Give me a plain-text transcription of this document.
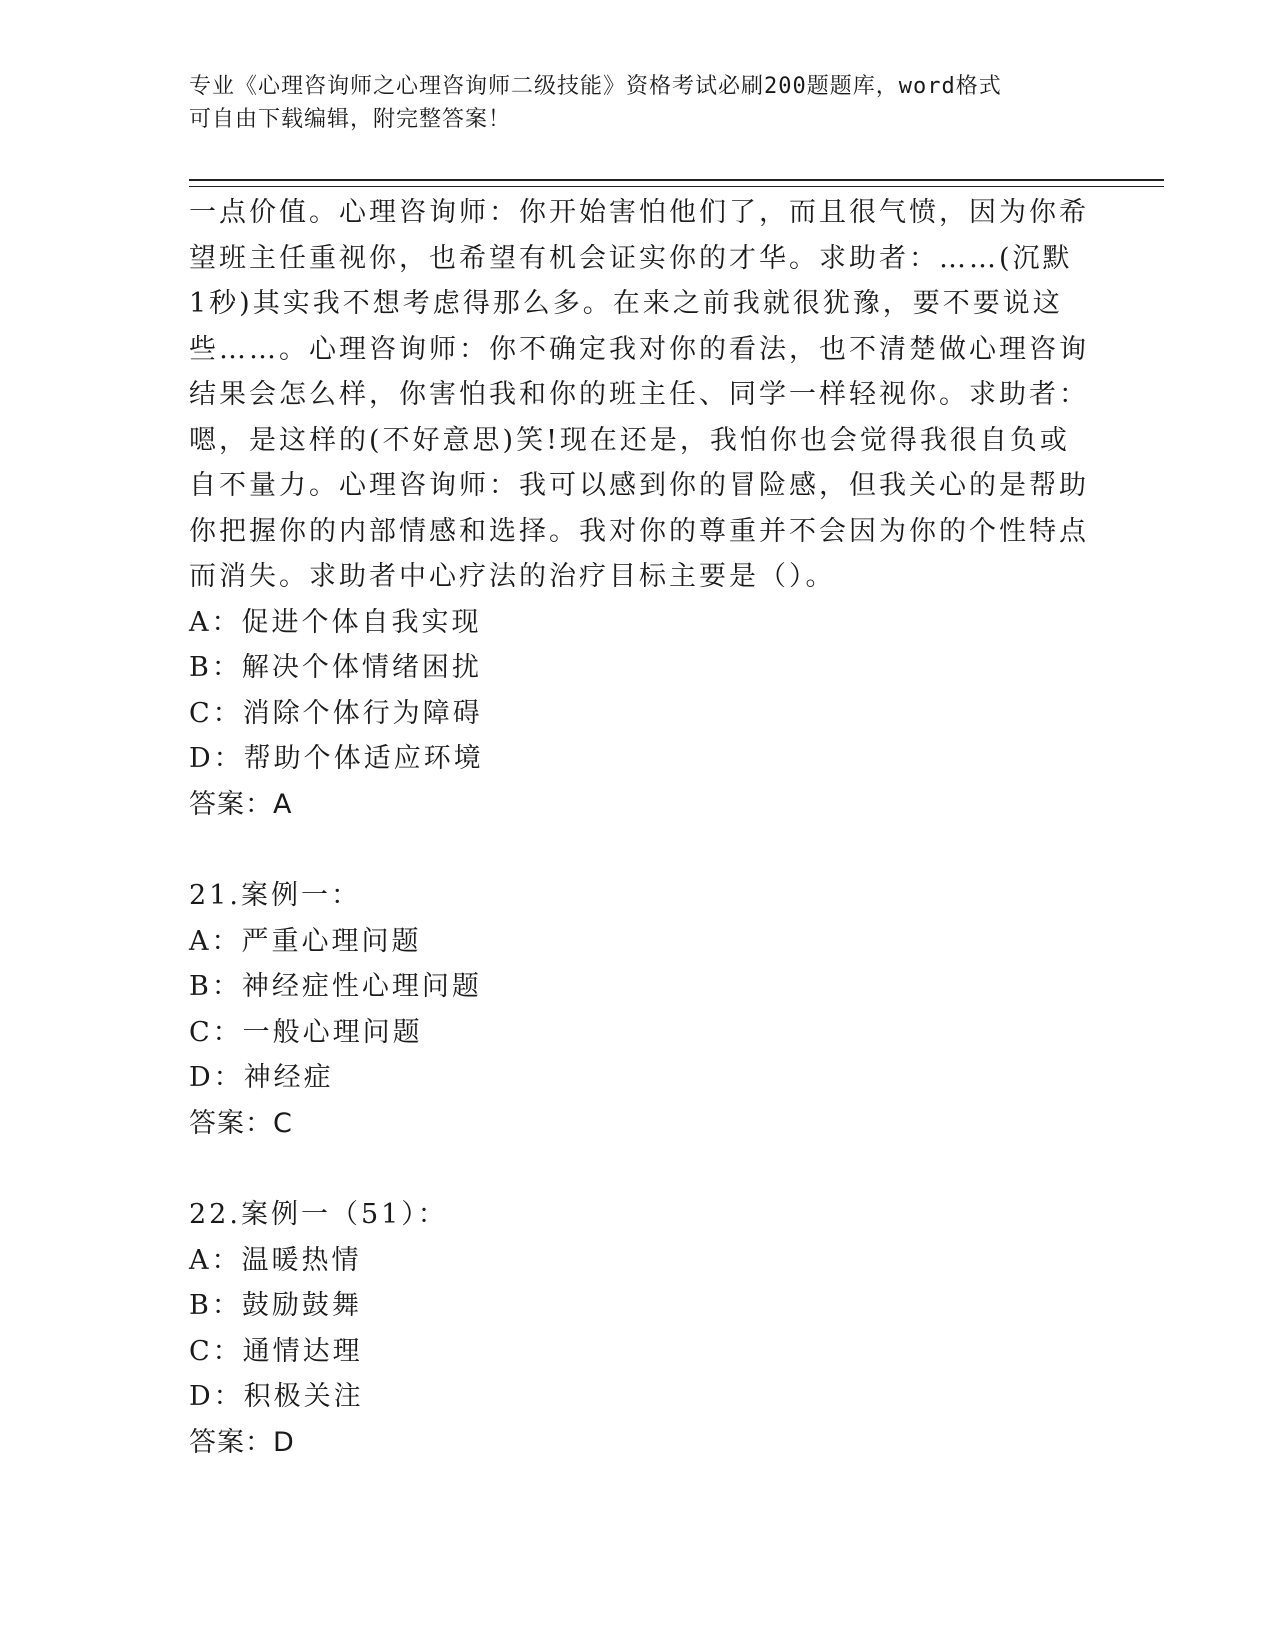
专业《心理咨询师之心理咨询师二级技能》资格考试必刷200题题库，word格式
可自由下载编辑，附完整答案！

一点价值。心理咨询师：你开始害怕他们了，而且很气愤，因为你希望班主任重视你，也希望有机会证实你的才华。求助者：……(沉默1秒)其实我不想考虑得那么多。在来之前我就很犹豫，要不要说这些……。心理咨询师：你不确定我对你的看法，也不清楚做心理咨询结果会怎么样，你害怕我和你的班主任、同学一样轻视你。求助者：嗯，是这样的(不好意思)笑!现在还是，我怕你也会觉得我很自负或自不量力。心理咨询师：我可以感到你的冒险感，但我关心的是帮助你把握你的内部情感和选择。我对你的尊重并不会因为你的个性特点而消失。求助者中心疗法的治疗目标主要是（）。

A：促进个体自我实现

B：解决个体情绪困扰

C：消除个体行为障碍

D：帮助个体适应环境

答案：A

21.案例一：

A：严重心理问题

B：神经症性心理问题

C：一般心理问题

D：神经症

答案：C

22.案例一（51）：

A：温暖热情

B：鼓励鼓舞

C：通情达理

D：积极关注

答案：D
